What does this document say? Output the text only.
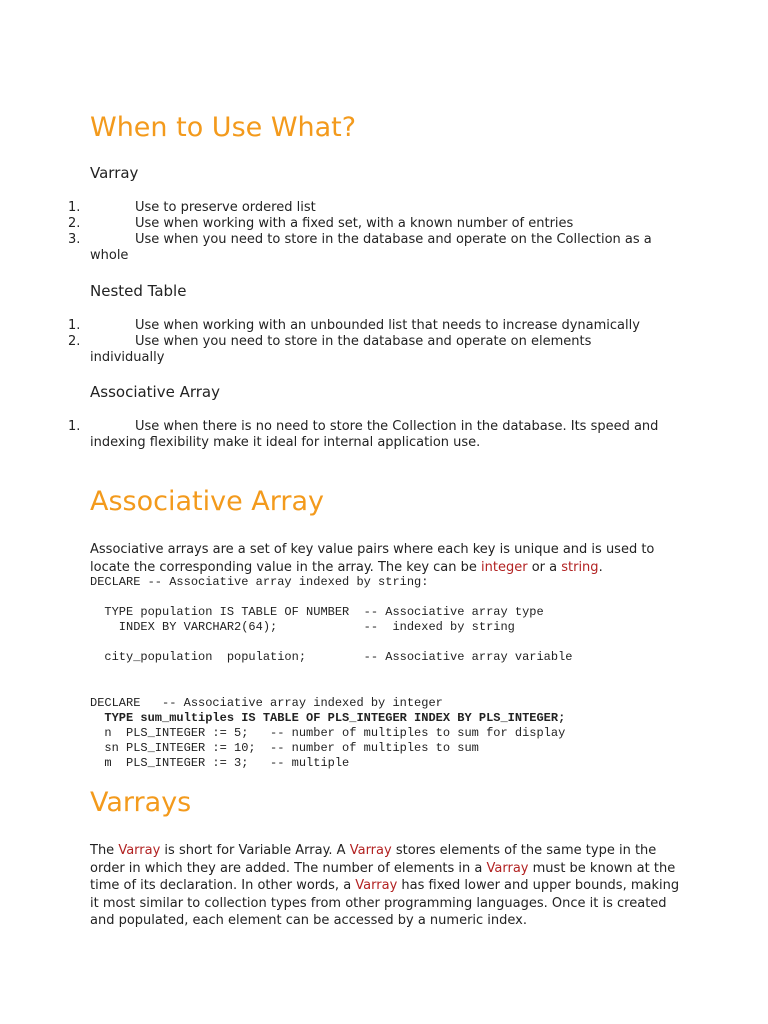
When to Use What?
Varray
1.	Use to preserve ordered list
2.	Use when working with a fixed set, with a known number of entries
3.	Use when you need to store in the database and operate on the Collection as a
whole
Nested Table
1.	Use when working with an unbounded list that needs to increase dynamically
2.	Use when you need to store in the database and operate on elements
individually
Associative Array
1.	Use when there is no need to store the Collection in the database. Its speed and
indexing flexibility make it ideal for internal application use.
Associative Array

Associative arrays are a set of key value pairs where each key is unique and is used to locate the corresponding value in the array. The key can be integer or a string.

DECLARE -- Associative array indexed by string:

TYPE population IS TABLE OF NUMBER  -- Associative array type
INDEX BY VARCHAR2(64);            --  indexed by string

city_population  population;        -- Associative array variable
DECLARE   -- Associative array indexed by integer
TYPE sum_multiples IS TABLE OF PLS_INTEGER INDEX BY PLS_INTEGER;
n  PLS_INTEGER := 5;   -- number of multiples to sum for display
sn PLS_INTEGER := 10;  -- number of multiples to sum
m  PLS_INTEGER := 3;   -- multiple
Varrays

The Varray is short for Variable Array. A Varray stores elements of the same type in the order in which they are added. The number of elements in a Varray must be known at the time of its declaration. In other words, a Varray has fixed lower and upper bounds, making it most similar to collection types from other programming languages. Once it is created and populated, each element can be accessed by a numeric index.
